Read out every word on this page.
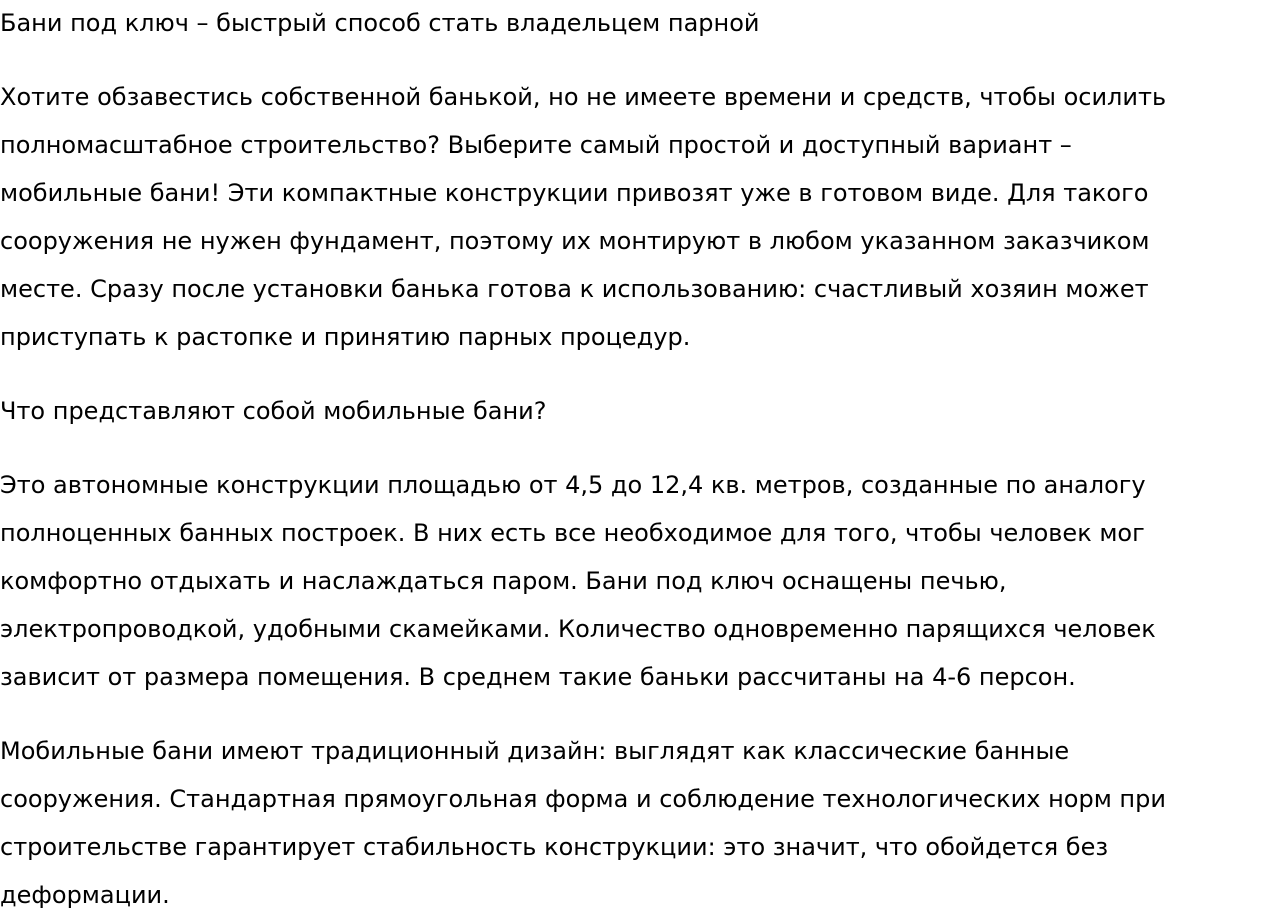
Бани под ключ – быстрый способ стать владельцем парной

Хотите обзавестись собственной банькой, но не имеете времени и средств, чтобы осилить

полномасштабное строительство? Выберите самый простой и доступный вариант –

мобильные бани! Эти компактные конструкции привозят уже в готовом виде. Для такого

сооружения не нужен фундамент, поэтому их монтируют в любом указанном заказчиком

месте. Сразу после установки банька готова к использованию: счастливый хозяин может

приступать к растопке и принятию парных процедур.

Что представляют собой мобильные бани?

Это автономные конструкции площадью от 4,5 до 12,4 кв. метров, созданные по аналогу

полноценных банных построек. В них есть все необходимое для того, чтобы человек мог

комфортно отдыхать и наслаждаться паром. Бани под ключ оснащены печью,

электропроводкой, удобными скамейками. Количество одновременно парящихся человек

зависит от размера помещения. В среднем такие баньки рассчитаны на 4-6 персон.

Мобильные бани имеют традиционный дизайн: выглядят как классические банные

сооружения. Стандартная прямоугольная форма и соблюдение технологических норм при

строительстве гарантирует стабильность конструкции: это значит, что обойдется без

деформации.
